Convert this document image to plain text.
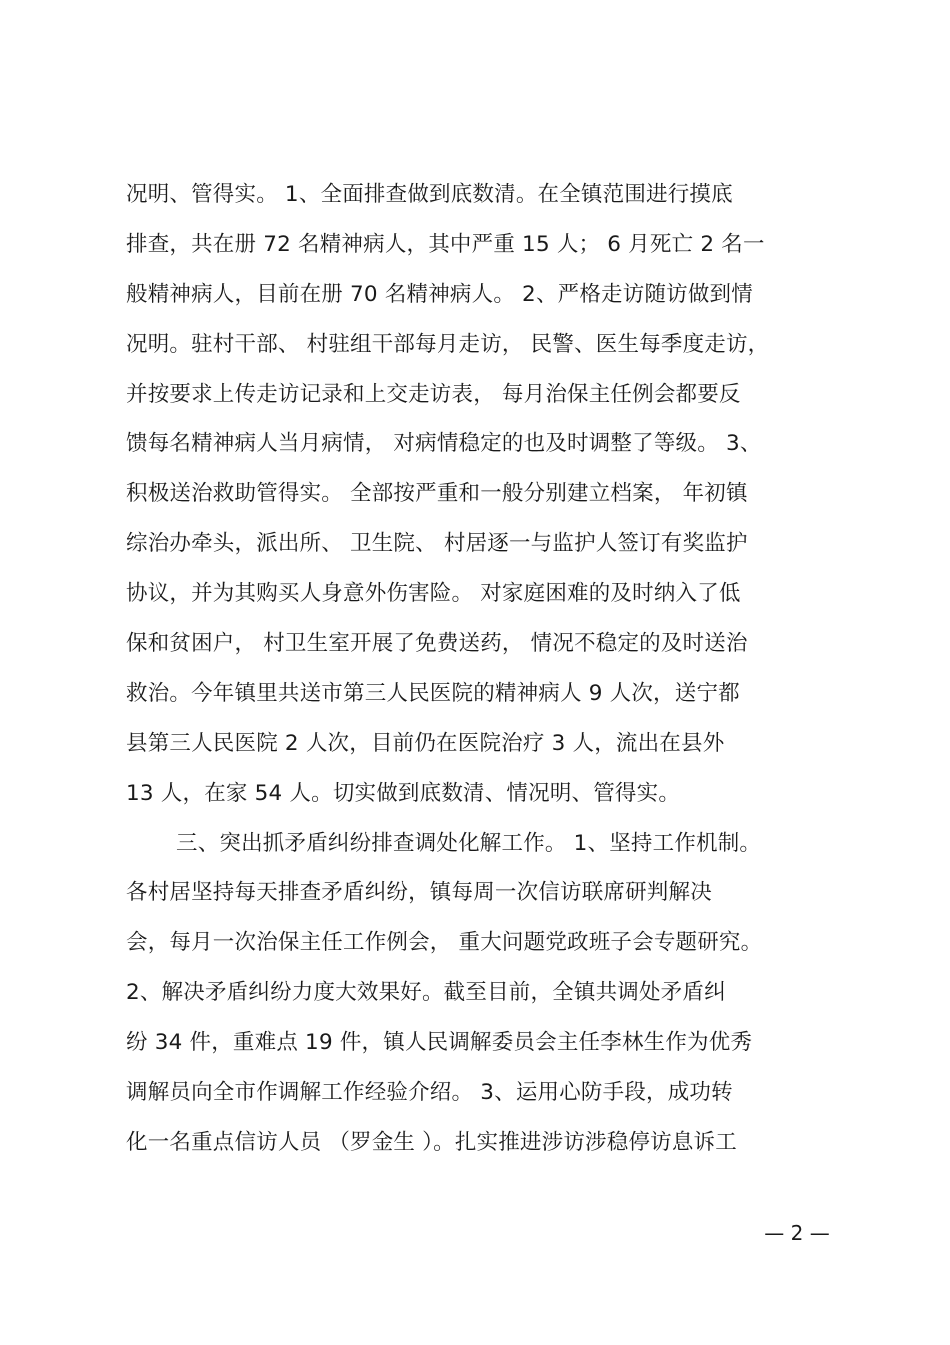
况明、管得实。 1、全面排查做到底数清。在全镇范围进行摸底
排查，共在册 72 名精神病人，其中严重 15 人； 6 月死亡 2 名一
般精神病人，目前在册 70 名精神病人。 2、严格走访随访做到情
况明。驻村干部、 村驻组干部每月走访， 民警、医生每季度走访，
并按要求上传走访记录和上交走访表， 每月治保主任例会都要反
馈每名精神病人当月病情， 对病情稳定的也及时调整了等级。 3、
积极送治救助管得实。 全部按严重和一般分别建立档案， 年初镇
综治办牵头，派出所、 卫生院、 村居逐一与监护人签订有奖监护
协议，并为其购买人身意外伤害险。 对家庭困难的及时纳入了低
保和贫困户， 村卫生室开展了免费送药， 情况不稳定的及时送治
救治。今年镇里共送市第三人民医院的精神病人 9 人次，送宁都
县第三人民医院 2 人次，目前仍在医院治疗 3 人，流出在县外
13 人，在家 54 人。切实做到底数清、情况明、管得实。
三、突出抓矛盾纠纷排查调处化解工作。 1、坚持工作机制。
各村居坚持每天排查矛盾纠纷，镇每周一次信访联席研判解决
会，每月一次治保主任工作例会， 重大问题党政班子会专题研究。
2、解决矛盾纠纷力度大效果好。截至目前，全镇共调处矛盾纠
纷 34 件，重难点 19 件，镇人民调解委员会主任李林生作为优秀
调解员向全市作调解工作经验介绍。 3、运用心防手段，成功转
化一名重点信访人员 （罗金生 ）。扎实推进涉访涉稳停访息诉工
— 2 —
